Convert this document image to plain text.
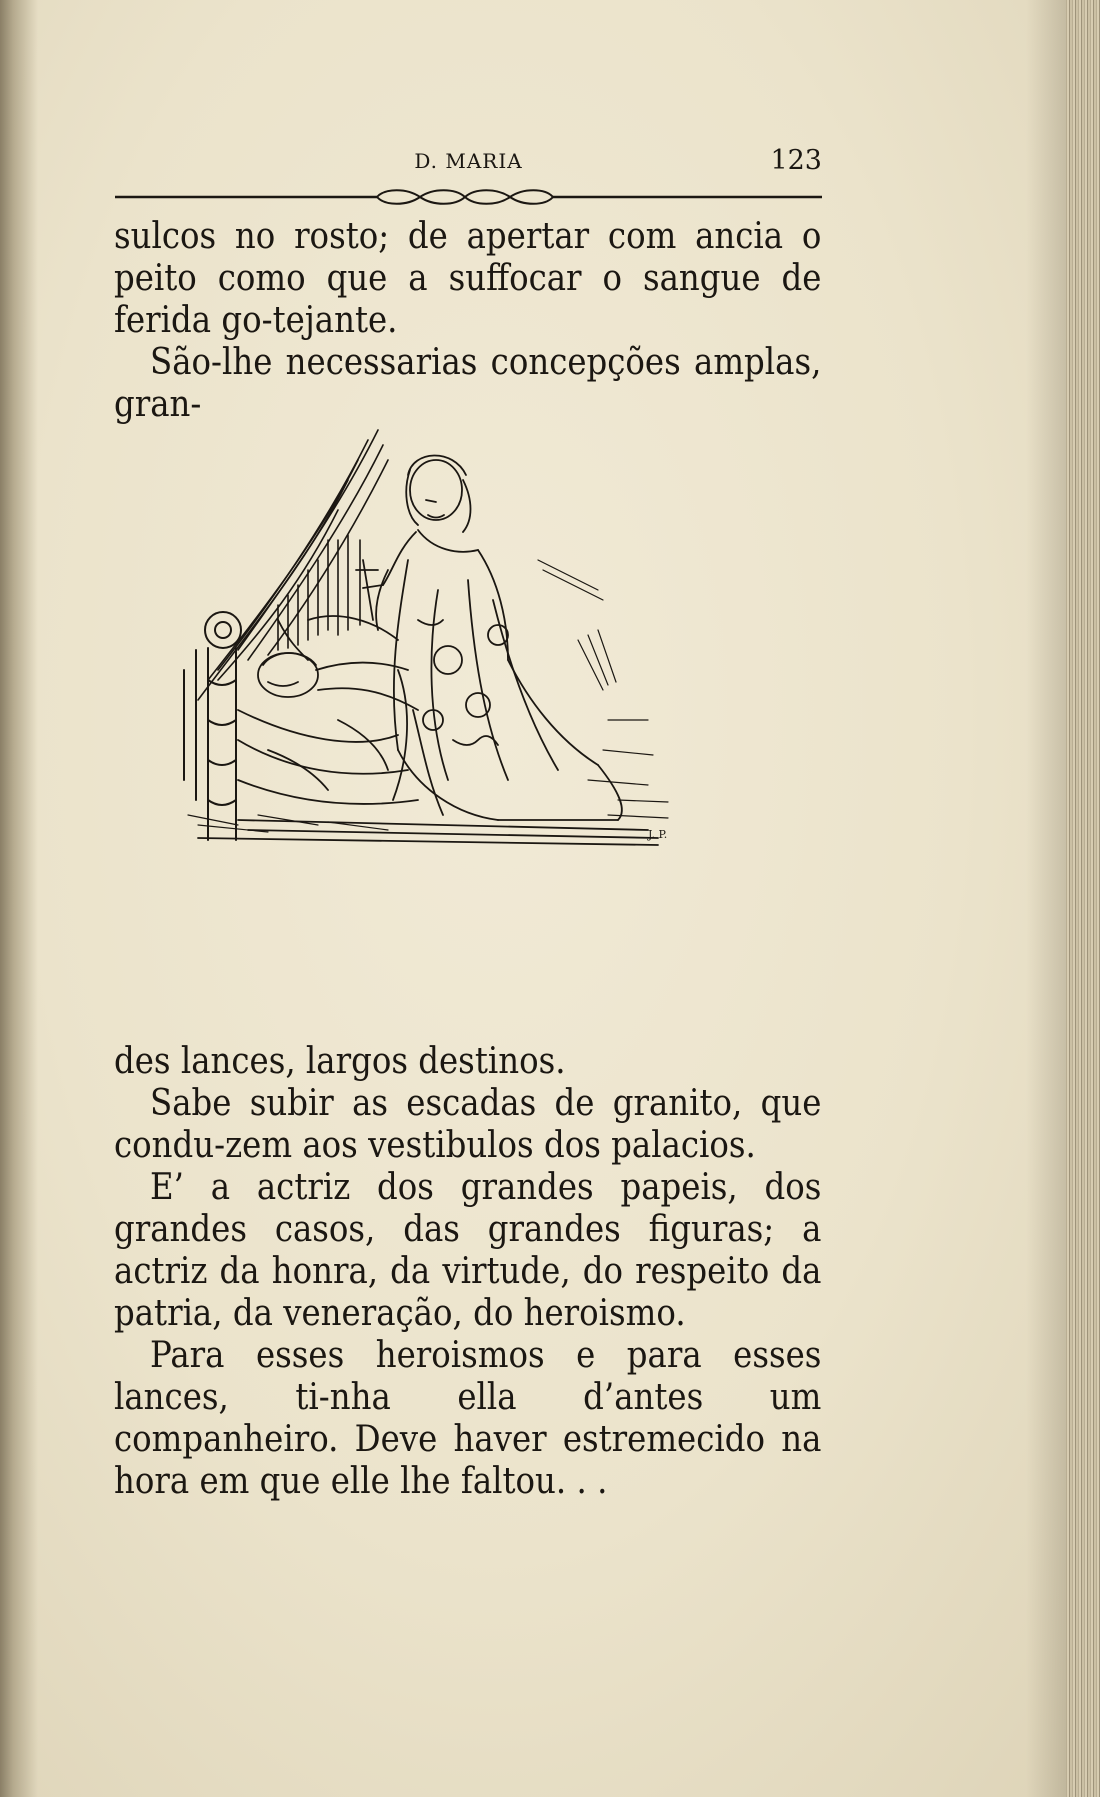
D. MARIA	123

sulcos no rosto; de apertar com ancia o peito como que a suffocar o sangue de ferida go-tejante.

São-lhe necessarias concepções amplas, gran-

J. P.

des lances, largos destinos.

Sabe subir as escadas de granito, que condu-zem aos vestibulos dos palacios.

E’ a actriz dos grandes papeis, dos grandes casos, das grandes figuras; a actriz da honra, da virtude, do respeito da patria, da veneração, do heroismo.

Para esses heroismos e para esses lances, ti-nha ella d’antes um companheiro. Deve haver estremecido na hora em que elle lhe faltou. . .
